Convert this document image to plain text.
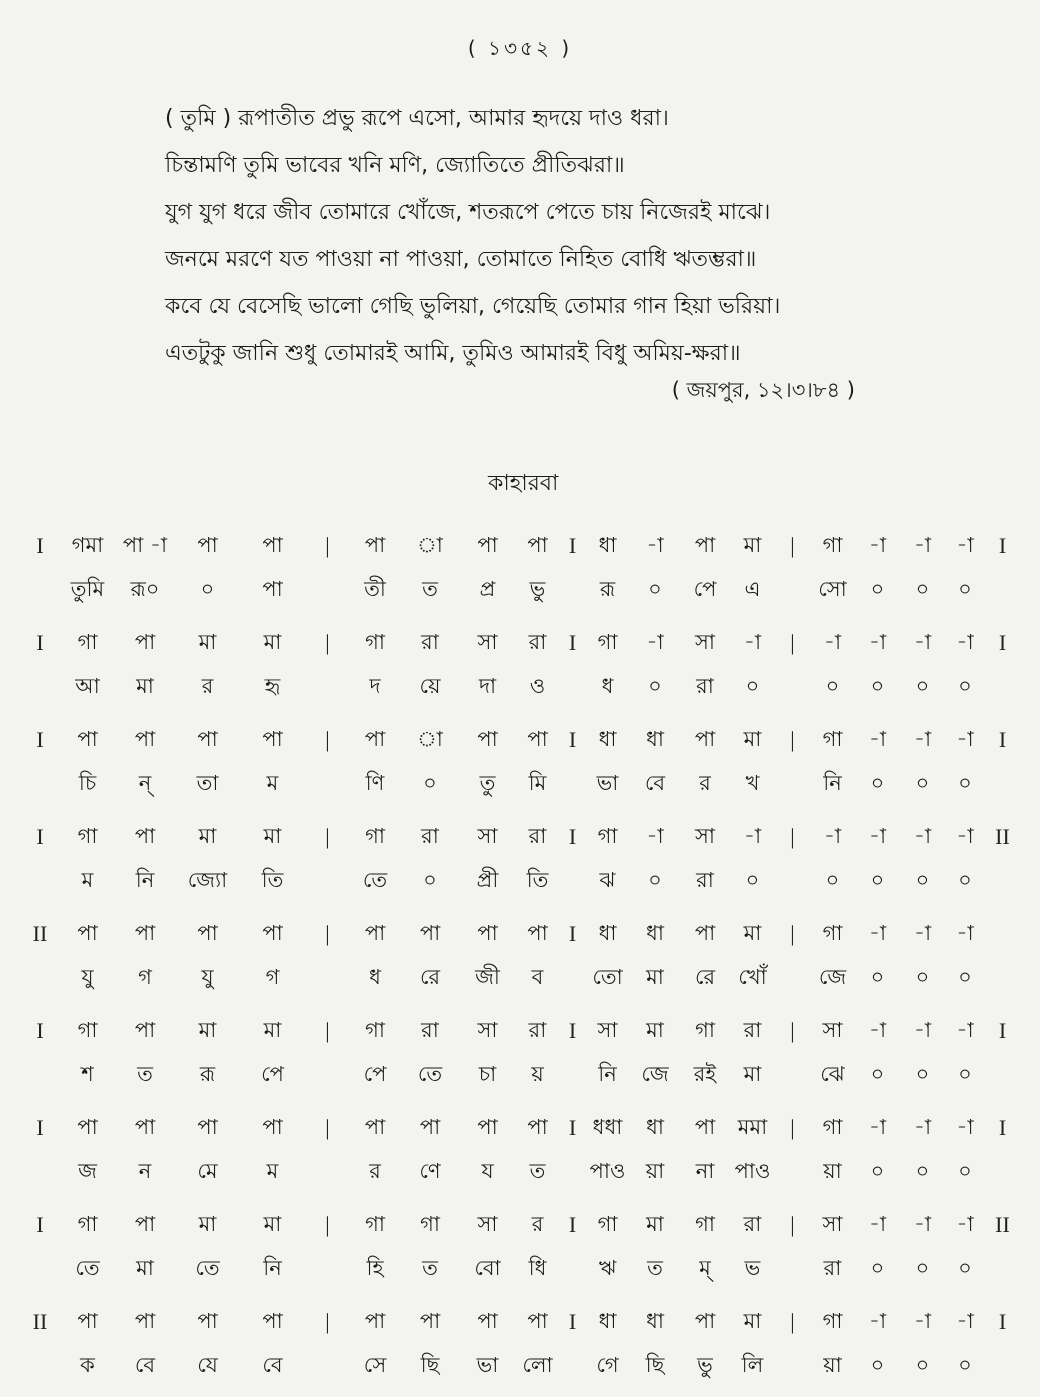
( ১৩৫২ )
( তুমি ) রূপাতীত প্রভু রূপে এসো, আমার হৃদয়ে দাও ধরা।
চিন্তামণি তুমি ভাবের খনি মণি, জ্যোতিতে প্রীতিঝরা॥
যুগ যুগ ধরে জীব তোমারে খোঁজে, শতরূপে পেতে চায় নিজেরই মাঝে।
জনমে মরণে যত পাওয়া না পাওয়া, তোমাতে নিহিত বোধি ঋতম্ভরা॥
কবে যে বেসেছি ভালো গেছি ভুলিয়া, গেয়েছি তোমার গান হিয়া ভরিয়া।
এতটুকু জানি শুধু তোমারই আমি, তুমিও আমারই বিধু অমিয়-ক্ষরা॥
( জয়পুর, ১২।৩।৮৪ )
কাহারবা
I	গমা পা -া	পা	পা	|	পা	া	পা	পা I	ধা	-া	পা	মা	|	গা	-া	-া	-া	I
তুমি	রূ০	০	পা	তী	ত	প্র	ভু	রূ	০	পে	এ	সো	০	০	০
I	গা	পা	মা	মা	|	গা	রা	সা	রা	I	গা	-া	সা	-া	|	-া	-া	-া	-া	I
আ	মা	র	হৃ	দ	য়ে	দা	ও	ধ	০	রা	০	০	০	০	০
I	পা	পা	পা	পা	|	পা	া	পা	পা I	ধা	ধা	পা	মা	|	গা	-া	-া	-া	I
চি	ন্	তা	ম	ণি	০	তু	মি	ভা	বে	র	খ	নি	০	০	০
I	গা	পা	মা	মা	|	গা	রা	সা	রা	I	গা	-া	সা	-া	|	-া	-া	-া	-া II
ম	নি	জ্যো	তি	তে	০	প্রী	তি	ঝ	০	রা	০	০	০	০	০
II	পা	পা	পা	পা	|	পা	পা	পা	পা I	ধা	ধা	পা	মা	|	গা	-া	-া	-া
যু	গ	যু	গ	ধ	রে	জী	ব	তো	মা	রে	খোঁ	জে	০	০	০
I	গা	পা	মা	মা	|	গা	রা	সা	রা	I	সা	মা	গা	রা	|	সা	-া	-া	-া	I
শ	ত	রূ	পে	পে	তে	চা	য়	নি	জে	রই	মা	ঝে	০	০	০
I	পা	পা	পা	পা	|	পা	পা	পা	পা I ধধা	ধা	পা	মমা	|	গা	-া	-া	-া	I
জ	ন	মে	ম	র	ণে	য	ত	পাও য়া	না পাও	য়া	০	০	০
I	গা	পা	মা	মা	|	গা	গা	সা	র	I	গা	মা	গা	রা	|	সা	-া	-া	-া II
তে	মা	তে	নি	হি	ত	বো	ধি	ঋ	ত	ম্	ভ	রা	০	০	০
II	পা	পা	পা	পা	|	পা	পা	পা	পা I	ধা	ধা	পা	মা	|	গা	-া	-া	-া	I
ক	বে	যে	বে	সে	ছি	ভা	লো	গে	ছি	ভু	লি	য়া	০	০	০
